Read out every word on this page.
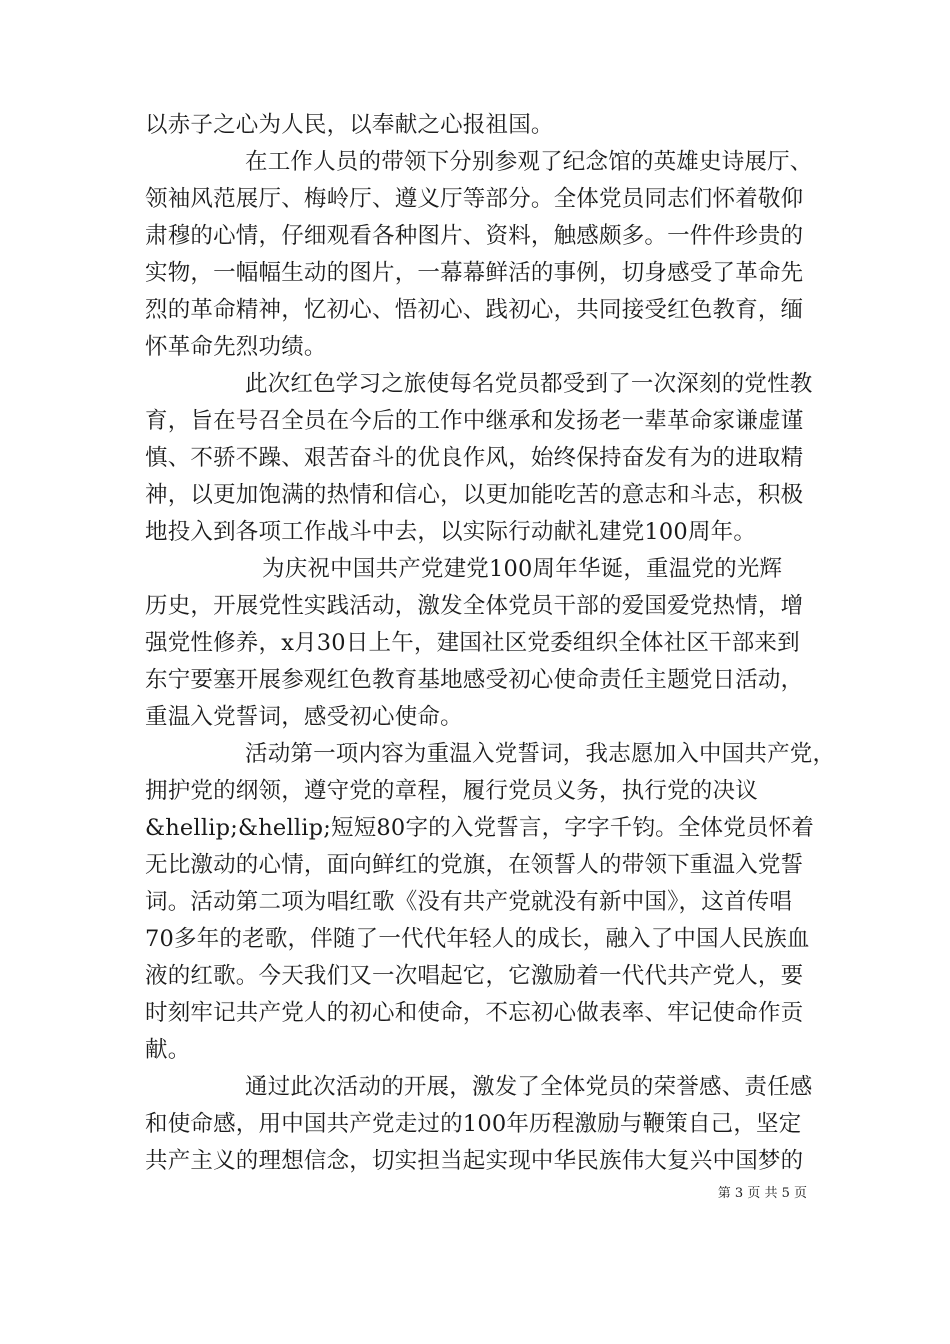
以赤子之心为人民，以奉献之心报祖国。
在工作人员的带领下分别参观了纪念馆的英雄史诗展厅、
领袖风范展厅、梅岭厅、遵义厅等部分。全体党员同志们怀着敬仰
肃穆的心情，仔细观看各种图片、资料，触感颇多。一件件珍贵的
实物，一幅幅生动的图片，一幕幕鲜活的事例，切身感受了革命先
烈的革命精神，忆初心、悟初心、践初心，共同接受红色教育，缅
怀革命先烈功绩。
此次红色学习之旅使每名党员都受到了一次深刻的党性教
育，旨在号召全员在今后的工作中继承和发扬老一辈革命家谦虚谨
慎、不骄不躁、艰苦奋斗的优良作风，始终保持奋发有为的进取精
神，以更加饱满的热情和信心，以更加能吃苦的意志和斗志，积极
地投入到各项工作战斗中去，以实际行动献礼建党100周年。
为庆祝中国共产党建党100周年华诞，重温党的光辉
历史，开展党性实践活动，激发全体党员干部的爱国爱党热情，增
强党性修养，x月30日上午，建国社区党委组织全体社区干部来到
东宁要塞开展参观红色教育基地感受初心使命责任主题党日活动，
重温入党誓词，感受初心使命。
活动第一项内容为重温入党誓词，我志愿加入中国共产党，
拥护党的纲领，遵守党的章程，履行党员义务，执行党的决议
&hellip;&hellip;短短80字的入党誓言，字字千钧。全体党员怀着
无比激动的心情，面向鲜红的党旗，在领誓人的带领下重温入党誓
词。活动第二项为唱红歌《没有共产党就没有新中国》，这首传唱
70多年的老歌，伴随了一代代年轻人的成长，融入了中国人民族血
液的红歌。今天我们又一次唱起它，它激励着一代代共产党人，要
时刻牢记共产党人的初心和使命，不忘初心做表率、牢记使命作贡
献。
通过此次活动的开展，激发了全体党员的荣誉感、责任感
和使命感，用中国共产党走过的100年历程激励与鞭策自己，坚定
共产主义的理想信念，切实担当起实现中华民族伟大复兴中国梦的
第 3 页 共 5 页
